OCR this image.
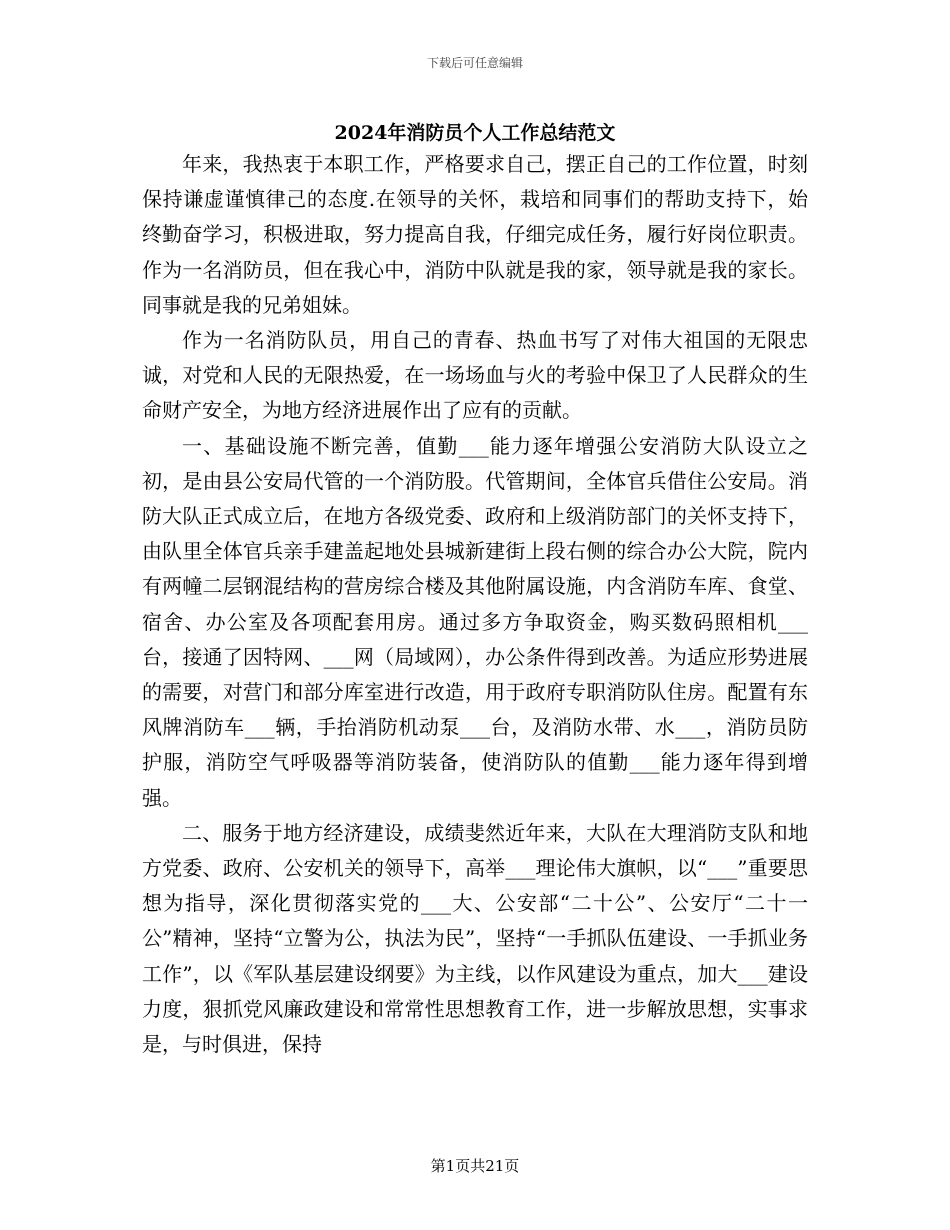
下载后可任意编辑
2024年消防员个人工作总结范文

年来，我热衷于本职工作，严格要求自己，摆正自己的工作位置，时刻保持谦虚谨慎律己的态度.在领导的关怀，栽培和同事们的帮助支持下，始终勤奋学习，积极进取，努力提高自我，仔细完成任务，履行好岗位职责。作为一名消防员，但在我心中，消防中队就是我的家，领导就是我的家长。同事就是我的兄弟姐妹。

作为一名消防队员，用自己的青春、热血书写了对伟大祖国的无限忠诚，对党和人民的无限热爱，在一场场血与火的考验中保卫了人民群众的生命财产安全，为地方经济进展作出了应有的贡献。

一、基础设施不断完善，值勤___能力逐年增强公安消防大队设立之初，是由县公安局代管的一个消防股。代管期间，全体官兵借住公安局。消防大队正式成立后，在地方各级党委、政府和上级消防部门的关怀支持下，由队里全体官兵亲手建盖起地处县城新建街上段右侧的综合办公大院，院内有两幢二层钢混结构的营房综合楼及其他附属设施，内含消防车库、食堂、宿舍、办公室及各项配套用房。通过多方争取资金，购买数码照相机___台，接通了因特网、___网（局域网），办公条件得到改善。为适应形势进展的需要，对营门和部分库室进行改造，用于政府专职消防队住房。配置有东风牌消防车___辆，手抬消防机动泵___台，及消防水带、水___，消防员防护服，消防空气呼吸器等消防装备，使消防队的值勤___能力逐年得到增强。

二、服务于地方经济建设，成绩斐然近年来，大队在大理消防支队和地方党委、政府、公安机关的领导下，高举___理论伟大旗帜，以“___”重要思想为指导，深化贯彻落实党的___大、公安部“二十公”、公安厅“二十一公”精神，坚持“立警为公，执法为民”，坚持“一手抓队伍建设、一手抓业务工作”，以《军队基层建设纲要》为主线，以作风建设为重点，加大___建设力度，狠抓党风廉政建设和常常性思想教育工作，进一步解放思想，实事求是，与时俱进，保持

第1页共21页
